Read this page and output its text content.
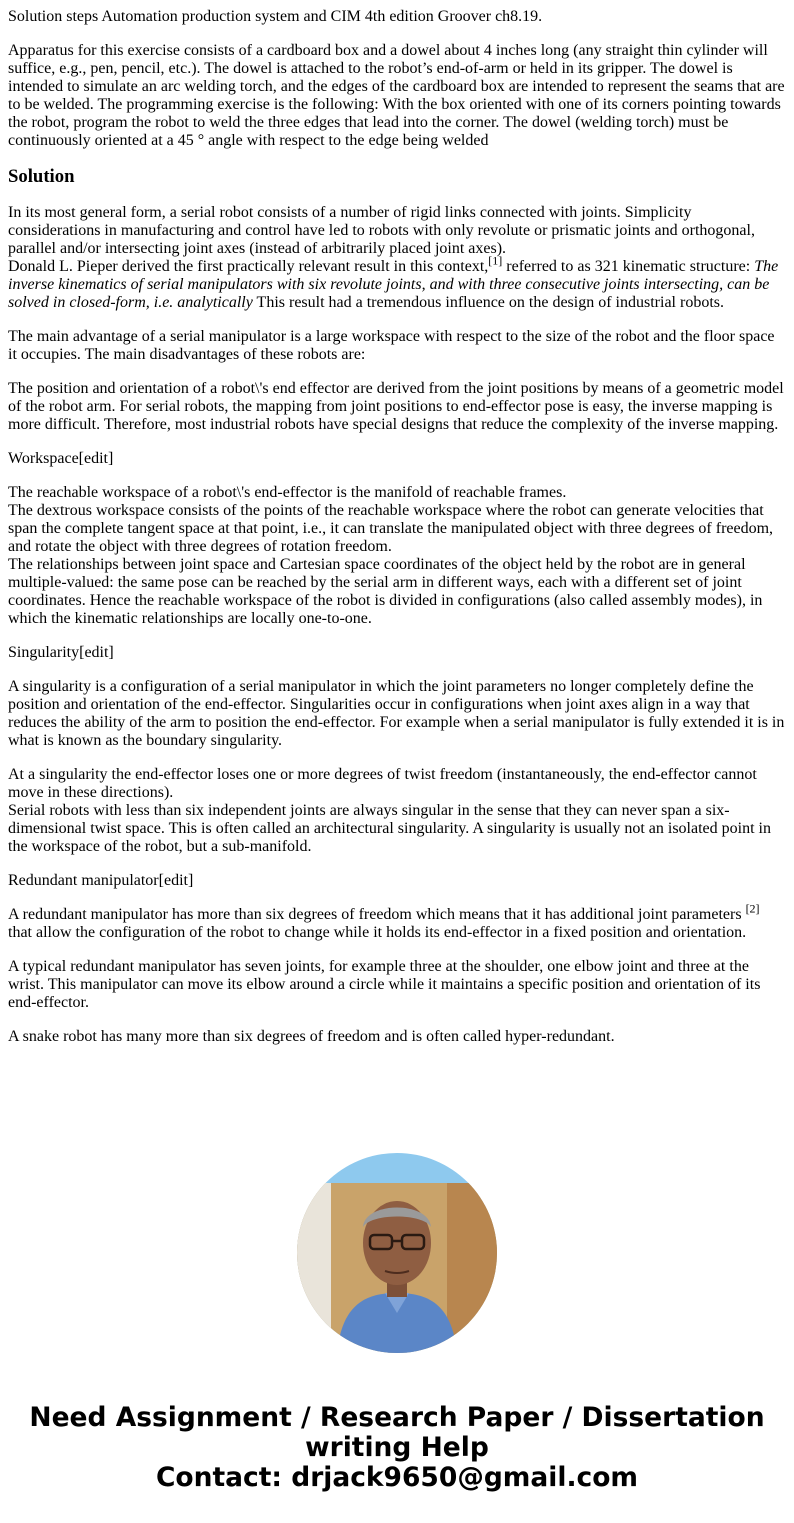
Solution steps Automation production system and CIM 4th edition Groover ch8.19.

Apparatus for this exercise consists of a cardboard box and a dowel about 4 inches long (any straight thin cylinder will suffice, e.g., pen, pencil, etc.). The dowel is attached to the robot’s end-of-arm or held in its gripper. The dowel is intended to simulate an arc welding torch, and the edges of the cardboard box are intended to represent the seams that are to be welded. The programming exercise is the following: With the box oriented with one of its corners pointing towards the robot, program the robot to weld the three edges that lead into the corner. The dowel (welding torch) must be continuously oriented at a 45 ° angle with respect to the edge being welded

Solution

In its most general form, a serial robot consists of a number of rigid links connected with joints. Simplicity considerations in manufacturing and control have led to robots with only revolute or prismatic joints and orthogonal, parallel and/or intersecting joint axes (instead of arbitrarily placed joint axes).

Donald L. Pieper derived the first practically relevant result in this context,[1] referred to as 321 kinematic structure: The inverse kinematics of serial manipulators with six revolute joints, and with three consecutive joints intersecting, can be solved in closed-form, i.e. analytically This result had a tremendous influence on the design of industrial robots.

The main advantage of a serial manipulator is a large workspace with respect to the size of the robot and the floor space it occupies. The main disadvantages of these robots are:

The position and orientation of a robot\'s end effector are derived from the joint positions by means of a geometric model of the robot arm. For serial robots, the mapping from joint positions to end-effector pose is easy, the inverse mapping is more difficult. Therefore, most industrial robots have special designs that reduce the complexity of the inverse mapping.

Workspace[edit]

The reachable workspace of a robot\'s end-effector is the manifold of reachable frames.
The dextrous workspace consists of the points of the reachable workspace where the robot can generate velocities that span the complete tangent space at that point, i.e., it can translate the manipulated object with three degrees of freedom, and rotate the object with three degrees of rotation freedom.
The relationships between joint space and Cartesian space coordinates of the object held by the robot are in general multiple-valued: the same pose can be reached by the serial arm in different ways, each with a different set of joint coordinates. Hence the reachable workspace of the robot is divided in configurations (also called assembly modes), in which the kinematic relationships are locally one-to-one.

Singularity[edit]

A singularity is a configuration of a serial manipulator in which the joint parameters no longer completely define the position and orientation of the end-effector. Singularities occur in configurations when joint axes align in a way that reduces the ability of the arm to position the end-effector. For example when a serial manipulator is fully extended it is in what is known as the boundary singularity.

At a singularity the end-effector loses one or more degrees of twist freedom (instantaneously, the end-effector cannot move in these directions).
Serial robots with less than six independent joints are always singular in the sense that they can never span a six-dimensional twist space. This is often called an architectural singularity. A singularity is usually not an isolated point in the workspace of the robot, but a sub-manifold.

Redundant manipulator[edit]

A redundant manipulator has more than six degrees of freedom which means that it has additional joint parameters [2] that allow the configuration of the robot to change while it holds its end-effector in a fixed position and orientation.

A typical redundant manipulator has seven joints, for example three at the shoulder, one elbow joint and three at the wrist. This manipulator can move its elbow around a circle while it maintains a specific position and orientation of its end-effector.

A snake robot has many more than six degrees of freedom and is often called hyper-redundant.

Need Assignment / Research Paper / Dissertation
writing Help
Contact: drjack9650@gmail.com
